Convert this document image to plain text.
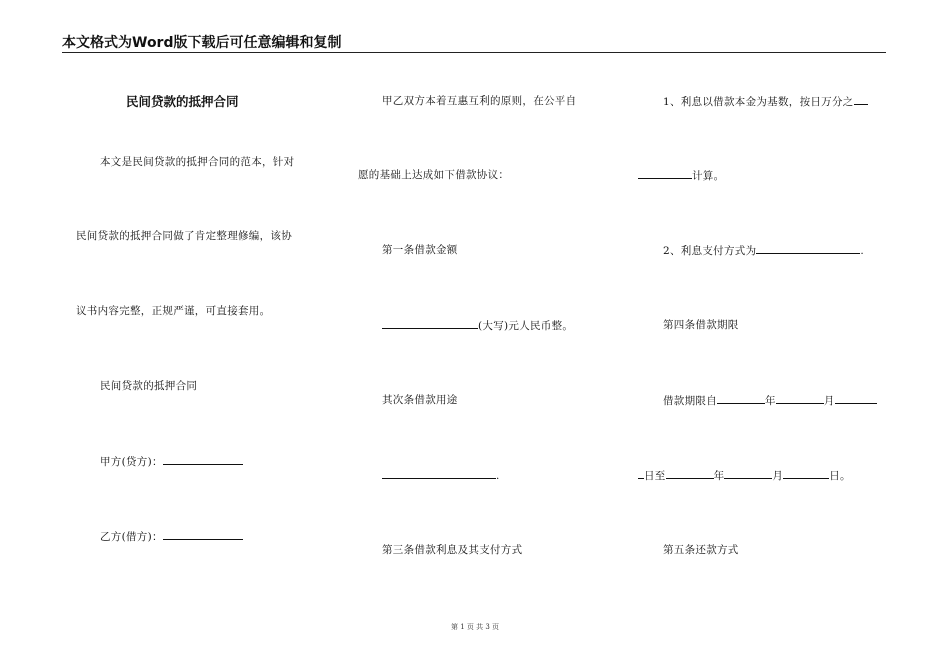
本文格式为Word版下载后可任意编辑和复制
民间贷款的抵押合同
本文是民间贷款的抵押合同的范本，针对
民间贷款的抵押合同做了肯定整理修编，该协
议书内容完整，正规严谨，可直接套用。
民间贷款的抵押合同
甲方(贷方)：
乙方(借方)：
甲乙双方本着互惠互利的原则，在公平自
愿的基础上达成如下借款协议：
第一条借款金额
(大写)元人民币整。
其次条借款用途
.
第三条借款利息及其支付方式
1、利息以借款本金为基数，按日万分之
计算。
2、利息支付方式为	.
第四条借款期限
借款期限自	年	月
日至	年	月	日。
第五条还款方式
第 1 页 共 3 页
